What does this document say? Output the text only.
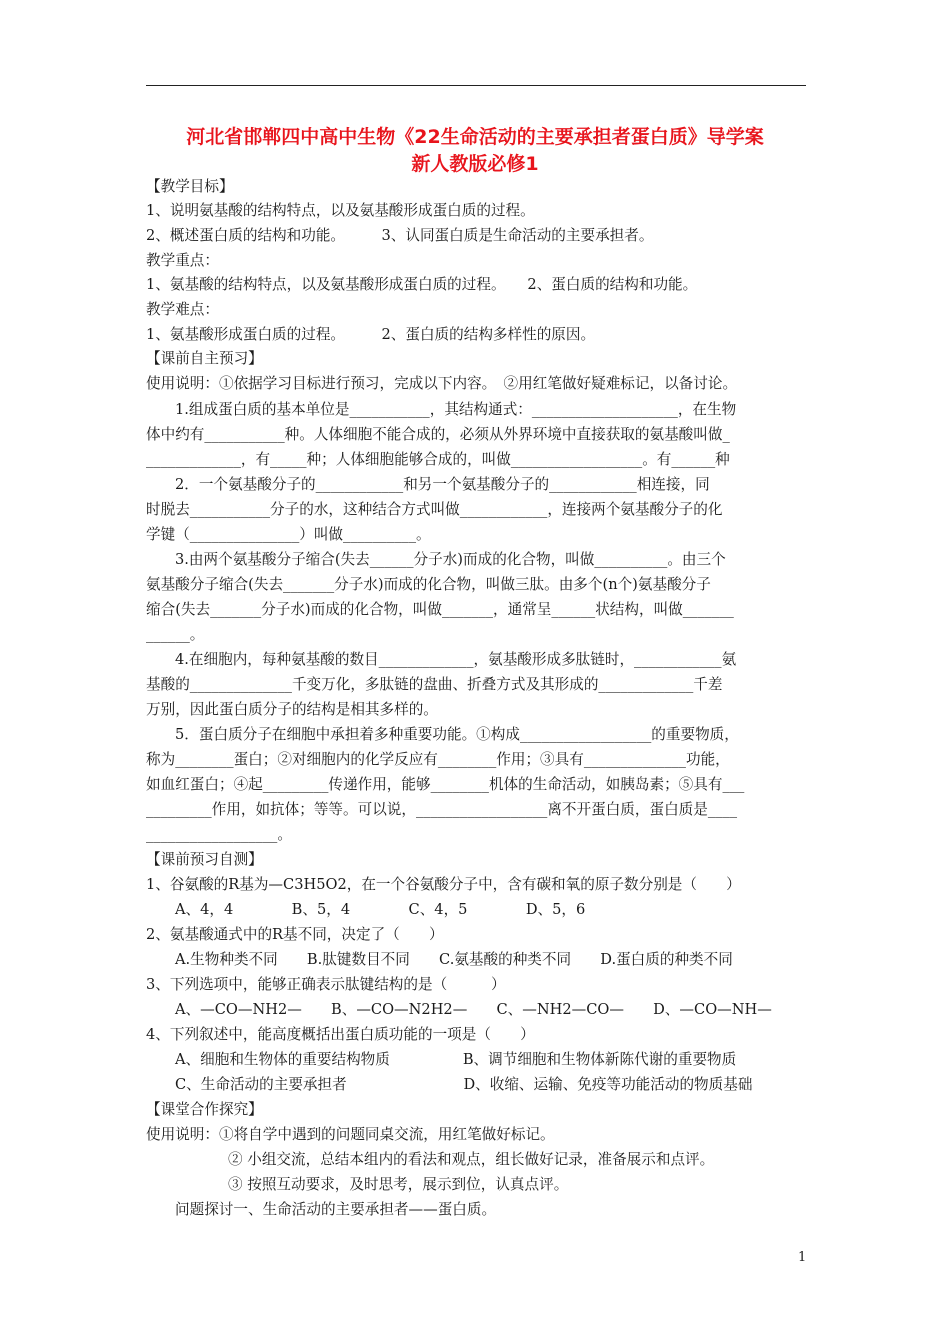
河北省邯郸四中高中生物《22生命活动的主要承担者蛋白质》导学案
新人教版必修1
【教学目标】
1、说明氨基酸的结构特点，以及氨基酸形成蛋白质的过程。
2、概述蛋白质的结构和功能。　　　3、认同蛋白质是生命活动的主要承担者。
教学重点：
1、氨基酸的结构特点，以及氨基酸形成蛋白质的过程。　　2、蛋白质的结构和功能。
教学难点：
1、氨基酸形成蛋白质的过程。　　　2、蛋白质的结构多样性的原因。
【课前自主预习】
使用说明：①依据学习目标进行预习，完成以下内容。　②用红笔做好疑难标记，以备讨论。
1.组成蛋白质的基本单位是___________，其结构通式：____________________，在生物
体中约有___________种。人体细胞不能合成的，必须从外界环境中直接获取的氨基酸叫做_
_____________，有_____种；人体细胞能够合成的，叫做__________________。有______种
2．一个氨基酸分子的____________和另一个氨基酸分子的____________相连接，同
时脱去___________分子的水，这种结合方式叫做____________，连接两个氨基酸分子的化
学键（_______________）叫做__________。
3.由两个氨基酸分子缩合(失去______分子水)而成的化合物，叫做__________。由三个
氨基酸分子缩合(失去_______分子水)而成的化合物，叫做三肽。由多个(n个)氨基酸分子
缩合(失去_______分子水)而成的化合物，叫做_______，通常呈______状结构，叫做_______
______。
4.在细胞内，每种氨基酸的数目_____________，氨基酸形成多肽链时，____________氨
基酸的______________千变万化，多肽链的盘曲、折叠方式及其形成的_____________千差
万别，因此蛋白质分子的结构是相其多样的。
5．蛋白质分子在细胞中承担着多种重要功能。①构成__________________的重要物质，
称为________蛋白；②对细胞内的化学反应有________作用；③具有______________功能，
如血红蛋白；④起_________传递作用，能够________机体的生命活动，如胰岛素；⑤具有___
_________作用，如抗体；等等。可以说，__________________离不开蛋白质，蛋白质是____
__________________。
【课前预习自测】
1、谷氨酸的R基为—C3H5O2，在一个谷氨酸分子中，含有碳和氧的原子数分别是（　　）
A、4，4　　　　B、5，4　　　　C、4，5　　　　D、5，6
2、氨基酸通式中的R基不同，决定了（　　）
A.生物种类不同　　B.肽键数目不同　　C.氨基酸的种类不同　　D.蛋白质的种类不同
3、下列选项中，能够正确表示肽键结构的是（　　　）
A、—CO—NH2—　　B、—CO—N2H2—　　C、—NH2—CO—　　D、—CO—NH—
4、下列叙述中，能高度概括出蛋白质功能的一项是（　　）
A、细胞和生物体的重要结构物质　　　　　B、调节细胞和生物体新陈代谢的重要物质
C、生命活动的主要承担者　　　　　　　　D、收缩、运输、免疫等功能活动的物质基础
【课堂合作探究】
使用说明：①将自学中遇到的问题同桌交流，用红笔做好标记。
② 小组交流，总结本组内的看法和观点，组长做好记录，准备展示和点评。
③ 按照互动要求，及时思考，展示到位，认真点评。
问题探讨一、生命活动的主要承担者——蛋白质。
1
